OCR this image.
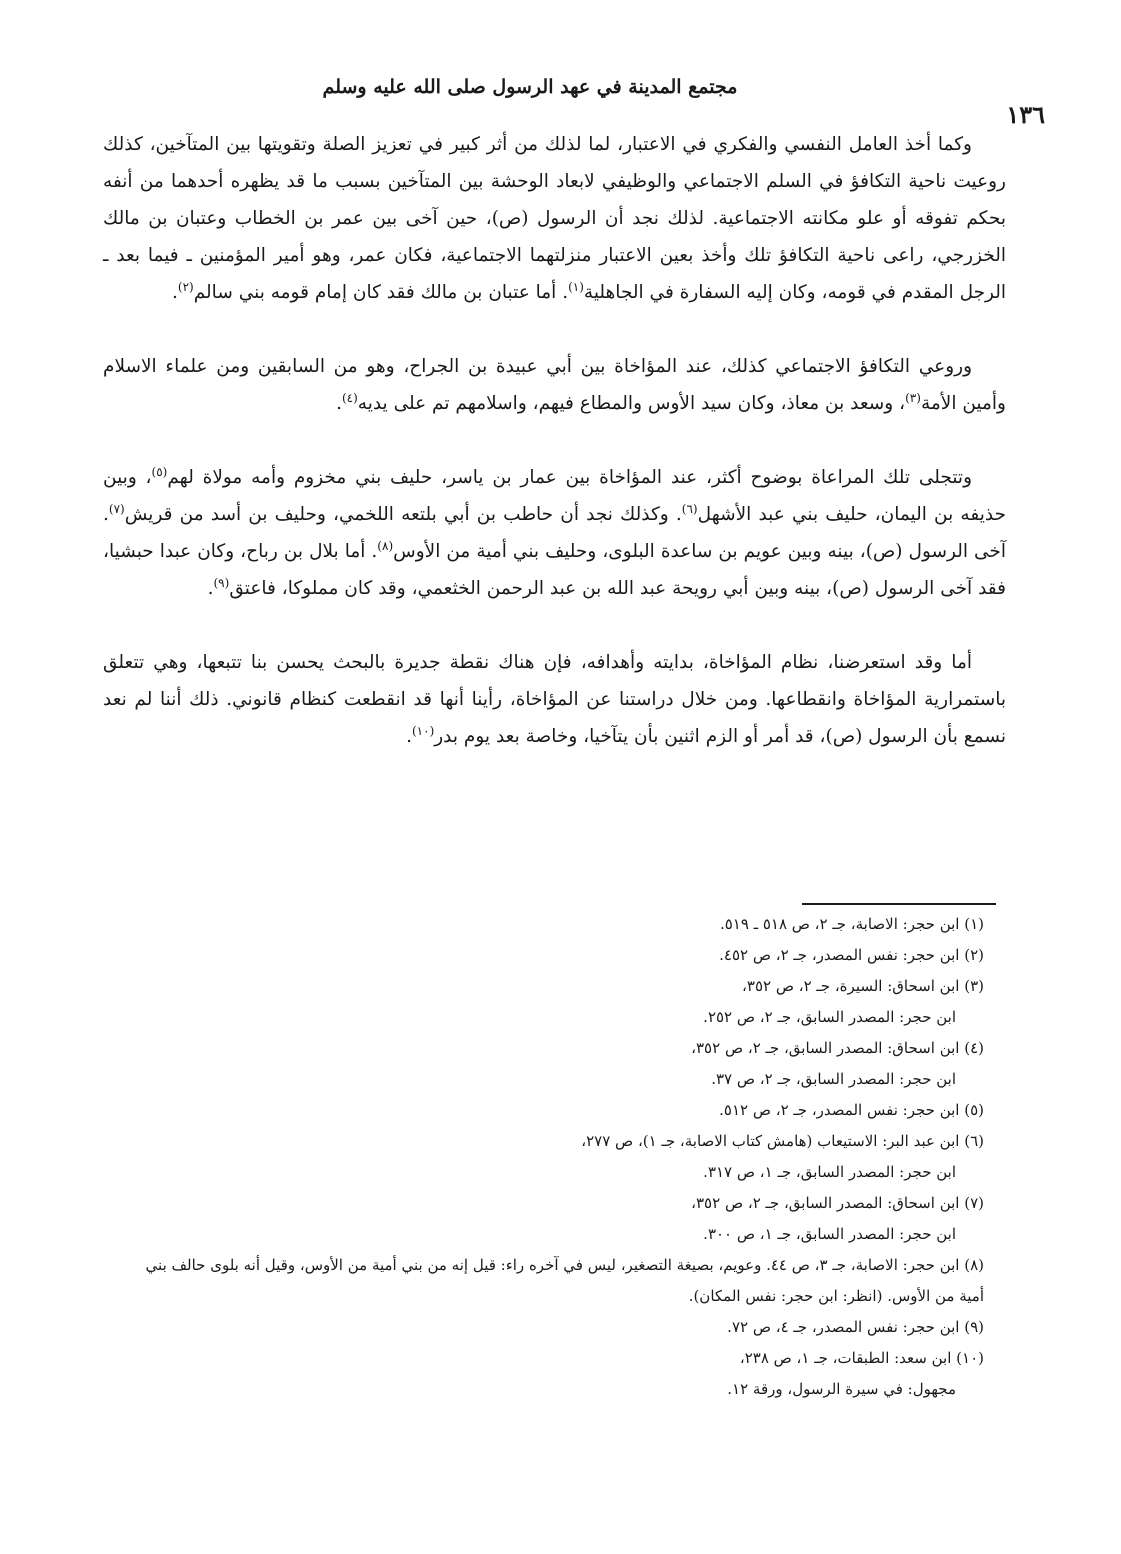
مجتمع المدينة في عهد الرسول صلى الله عليه وسلم
١٣٦

وكما أخذ العامل النفسي والفكري في الاعتبار، لما لذلك من أثر كبير في تعزيز الصلة وتقويتها بين المتآخين، كذلك روعيت ناحية التكافؤ في السلم الاجتماعي والوظيفي لابعاد الوحشة بين المتآخين بسبب ما قد يظهره أحدهما من أنفه بحكم تفوقه أو علو مكانته الاجتماعية. لذلك نجد أن الرسول (ص)، حين آخى بين عمر بن الخطاب وعتبان بن مالك الخزرجي، راعى ناحية التكافؤ تلك وأخذ بعين الاعتبار منزلتهما الاجتماعية، فكان عمر، وهو أمير المؤمنين ـ فيما بعد ـ الرجل المقدم في قومه، وكان إليه السفارة في الجاهلية$^{(١)}$. أما عتبان بن مالك فقد كان إمام قومه بني سالم$^{(٢)}$.

وروعي التكافؤ الاجتماعي كذلك، عند المؤاخاة بين أبي عبيدة بن الجراح، وهو من السابقين ومن علماء الاسلام وأمين الأمة$^{(٣)}$، وسعد بن معاذ، وكان سيد الأوس والمطاع فيهم، واسلامهم تم على يديه$^{(٤)}$.

وتتجلى تلك المراعاة بوضوح أكثر، عند المؤاخاة بين عمار بن ياسر، حليف بني مخزوم وأمه مولاة لهم$^{(٥)}$، وبين حذيفه بن اليمان، حليف بني عبد الأشهل$^{(٦)}$. وكذلك نجد أن حاطب بن أبي بلتعه اللخمي، وحليف بن أسد من قريش$^{(٧)}$. آخى الرسول (ص)، بينه وبين عويم بن ساعدة البلوى، وحليف بني أمية من الأوس$^{(٨)}$. أما بلال بن رباح، وكان عبدا حبشيا، فقد آخى الرسول (ص)، بينه وبين أبي رويحة عبد الله بن عبد الرحمن الخثعمي، وقد كان مملوكا، فاعتق$^{(٩)}$.

أما وقد استعرضنا، نظام المؤاخاة، بدايته وأهدافه، فإن هناك نقطة جديرة بالبحث يحسن بنا تتبعها، وهي تتعلق باستمرارية المؤاخاة وانقطاعها. ومن خلال دراستنا عن المؤاخاة، رأينا أنها قد انقطعت كنظام قانوني. ذلك أننا لم نعد نسمع بأن الرسول (ص)، قد أمر أو الزم اثنين بأن يتآخيا، وخاصة بعد يوم بدر$^{(١٠)}$.

(١) ابن حجر: الاصابة، جـ ٢، ص ٥١٨ ـ ٥١٩.
(٢) ابن حجر: نفس المصدر، جـ ٢، ص ٤٥٢.
(٣) ابن اسحاق: السيرة، جـ ٢، ص ٣٥٢،
ابن حجر: المصدر السابق، جـ ٢، ص ٢٥٢.
(٤) ابن اسحاق: المصدر السابق، جـ ٢، ص ٣٥٢،
ابن حجر: المصدر السابق، جـ ٢، ص ٣٧.
(٥) ابن حجر: نفس المصدر، جـ ٢، ص ٥١٢.
(٦) ابن عبد البر: الاستيعاب (هامش كتاب الاصابة، جـ ١)، ص ٢٧٧،
ابن حجر: المصدر السابق، جـ ١، ص ٣١٧.
(٧) ابن اسحاق: المصدر السابق، جـ ٢، ص ٣٥٢،
ابن حجر: المصدر السابق، جـ ١، ص ٣٠٠.
(٨) ابن حجر: الاصابة، جـ ٣، ص ٤٤. وعويم، بصيغة التصغير، ليس في آخره راء: قيل إنه من بني أمية من الأوس، وقيل أنه بلوى حالف بني أمية من الأوس. (انظر: ابن حجر: نفس المكان).
(٩) ابن حجر: نفس المصدر، جـ ٤، ص ٧٢.
(١٠) ابن سعد: الطبقات، جـ ١، ص ٢٣٨،
مجهول: في سيرة الرسول، ورقة ١٢.
